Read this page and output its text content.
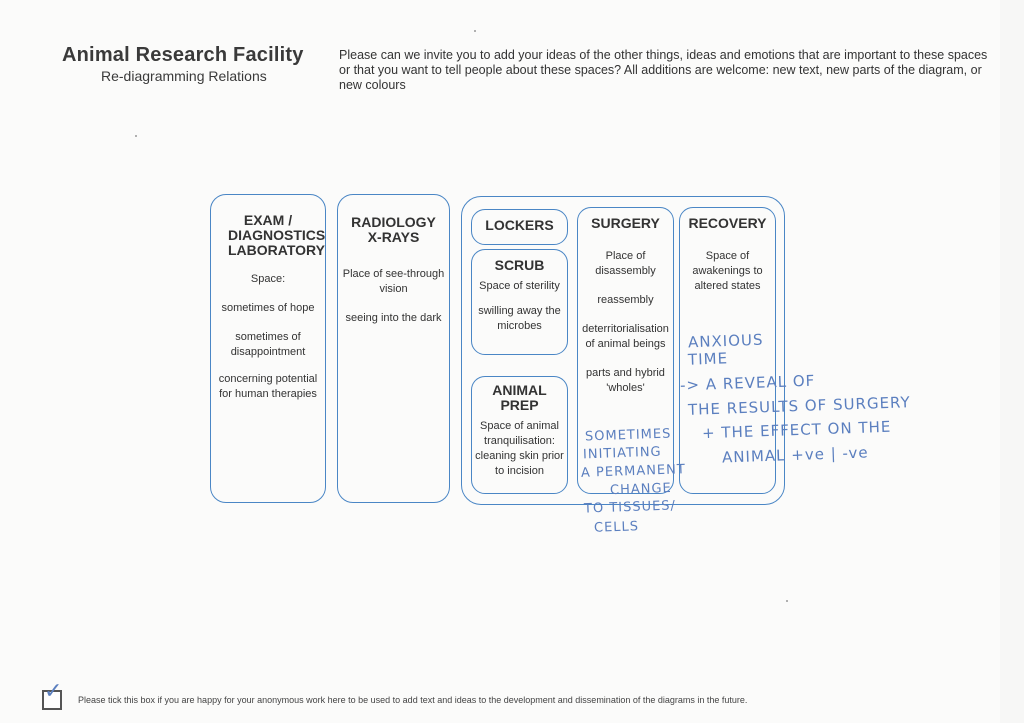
Animal Research Facility
Re-diagramming Relations
Please can we invite you to add your ideas of the other things, ideas and emotions that are important to these spaces or that you want to tell people about these spaces? All additions are welcome: new text, new parts of the diagram, or new colours
EXAM / DIAGNOSTICS LABORATORY

Space:

sometimes of hope

sometimes of disappointment

concerning potential for human therapies

RADIOLOGY X-RAYS

Place of see-through vision

seeing into the dark

LOCKERS
SCRUB

Space of sterility

swilling away the microbes

ANIMAL PREP

Space of animal tranquilisation: cleaning skin prior to incision

SURGERY

Place of disassembly

reassembly

deterritorialisation of animal beings

parts and hybrid 'wholes'

RECOVERY

Space of awakenings to altered states

ANXIOUS
TIME
-> A REVEAL OF
THE RESULTS OF SURGERY
+ THE EFFECT ON THE
ANIMAL +ve | -ve
SOMETIMES
INITIATING
A PERMANENT
CHANGE
TO TISSUES/
CELLS
✓ Please tick this box if you are happy for your anonymous work here to be used to add text and ideas to the development and dissemination of the diagrams in the future.
